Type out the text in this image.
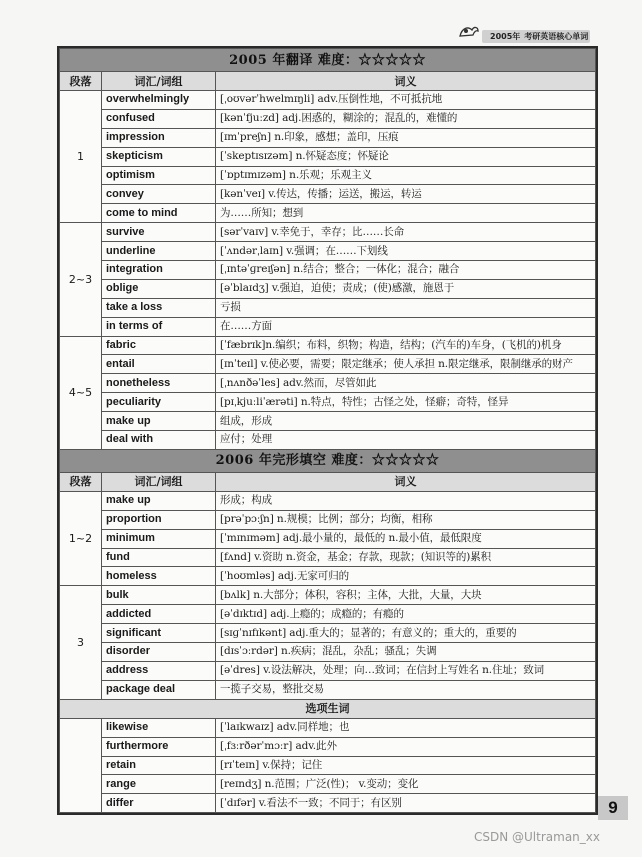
2005年 考研英语核心单词
2005 年翻译 难度：☆☆☆☆☆		
段落	词汇/词组	词义
1	overwhelmingly	[ˌoʊvərˈhwelmɪŋli] adv.压倒性地，不可抵抗地
	confused	[kənˈfjuːzd] adj.困惑的，糊涂的；混乱的，难懂的
	impression	[ɪmˈpreʃn] n.印象，感想；盖印，压痕
	skepticism	[ˈskeptɪsɪzəm] n.怀疑态度；怀疑论
	optimism	[ˈɒptɪmɪzəm] n.乐观；乐观主义
	convey	[kənˈveɪ] v.传达，传播；运送，搬运，转运
	come to mind	为……所知；想到
2~3	survive	[sərˈvaɪv] v.幸免于，幸存；比……长命
	underline	[ˈʌndərˌlaɪn] v.强调；在……下划线
	integration	[ˌɪntəˈɡreɪʃən] n.结合；整合；一体化；混合；融合
	oblige	[əˈblaɪdʒ] v.强迫，迫使；责成；(使)感激，施恩于
	take a loss	亏损
	in terms of	在……方面
4~5	fabric	[ˈfæbrɪk]n.编织；布料，织物；构造，结构；(汽车的)车身，(飞机的)机身
	entail	[ɪnˈteɪl] v.使必要，需要；限定继承；使人承担 n.限定继承，限制继承的财产
	nonetheless	[ˌnʌnðəˈles] adv.然而，尽管如此
	peculiarity	[pɪˌkjuːliˈærəti] n.特点，特性；古怪之处，怪癖；奇特，怪异
	make up	组成，形成
	deal with	应付；处理
2006 年完形填空 难度：☆☆☆☆☆		
段落	词汇/词组	词义
1~2	make up	形成；构成
	proportion	[prəˈpɔːʃn] n.规模；比例；部分；均衡，相称
	minimum	[ˈmɪnɪməm] adj.最小量的，最低的 n.最小值，最低限度
	fund	[fʌnd] v.资助 n.资金，基金；存款，现款；(知识等的)累积
	homeless	[ˈhoʊmləs] adj.无家可归的
3	bulk	[bʌlk] n.大部分；体积，容积；主体，大批，大量，大块
	addicted	[əˈdɪktɪd] adj.上瘾的；成瘾的；有瘾的
	significant	[sɪɡˈnɪfɪkənt] adj.重大的；显著的；有意义的；重大的，重要的
	disorder	[dɪsˈɔːrdər] n.疾病；混乱，杂乱；骚乱；失调
	address	[əˈdres] v.设法解决，处理；向…致词；在信封上写姓名 n.住址；致词
	package deal	一揽子交易，整批交易
选项生词		
	likewise	[ˈlaɪkwaɪz] adv.同样地；也
	furthermore	[ˌfɜːrðərˈmɔːr] adv.此外
	retain	[rɪˈteɪn] v.保持；记住
	range	[reɪndʒ] n.范围；广泛(性)； v.变动；变化
	differ	[ˈdɪfər] v.看法不一致；不同于；有区别	9
CSDN @Ultraman_xx
